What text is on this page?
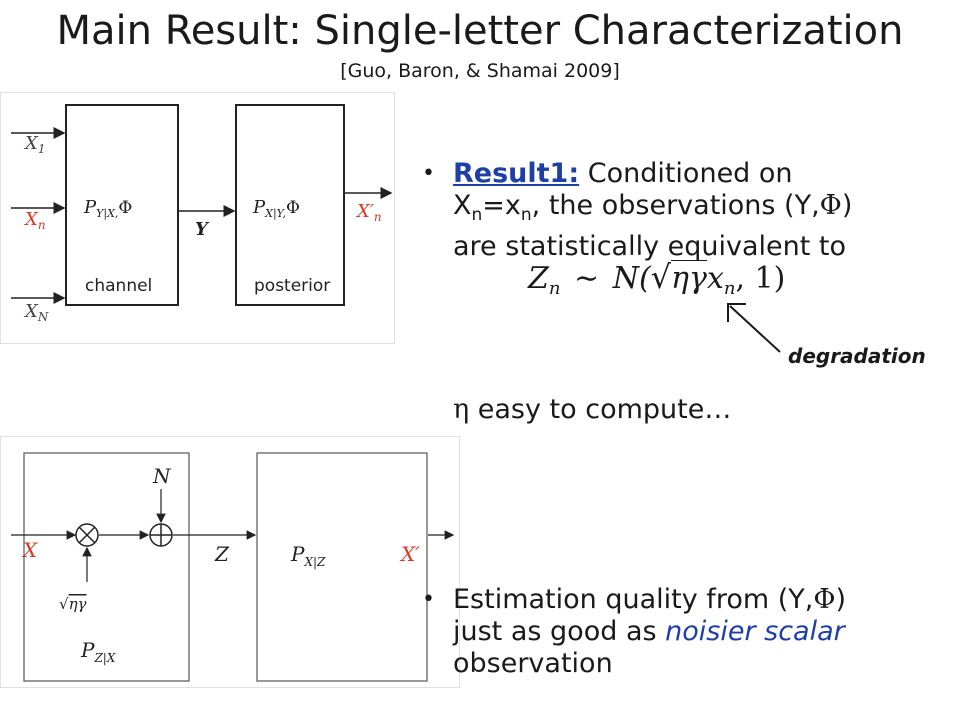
Main Result: Single-letter Characterization
[Guo, Baron, & Shamai 2009]
$X_1$
$X_n$
$X_N$
$P_{Y|X,}\Phi$	$P_{X|Y,}\Phi$
Y
$X'_n$
channel	posterior
X
N
√ηγ
Z	$P_{X|Z}$
$P_{Z|X}$
X′
• Result1: Conditioned on
$X_n=x_n$, the observations (Y,Φ)
are statistically equivalent to
$Z_n$ ∼ N(√ηγx$_n$, 1)
degradation
η easy to compute…
• Estimation quality from (Y,Φ)
just as good as noisier scalar
observation
